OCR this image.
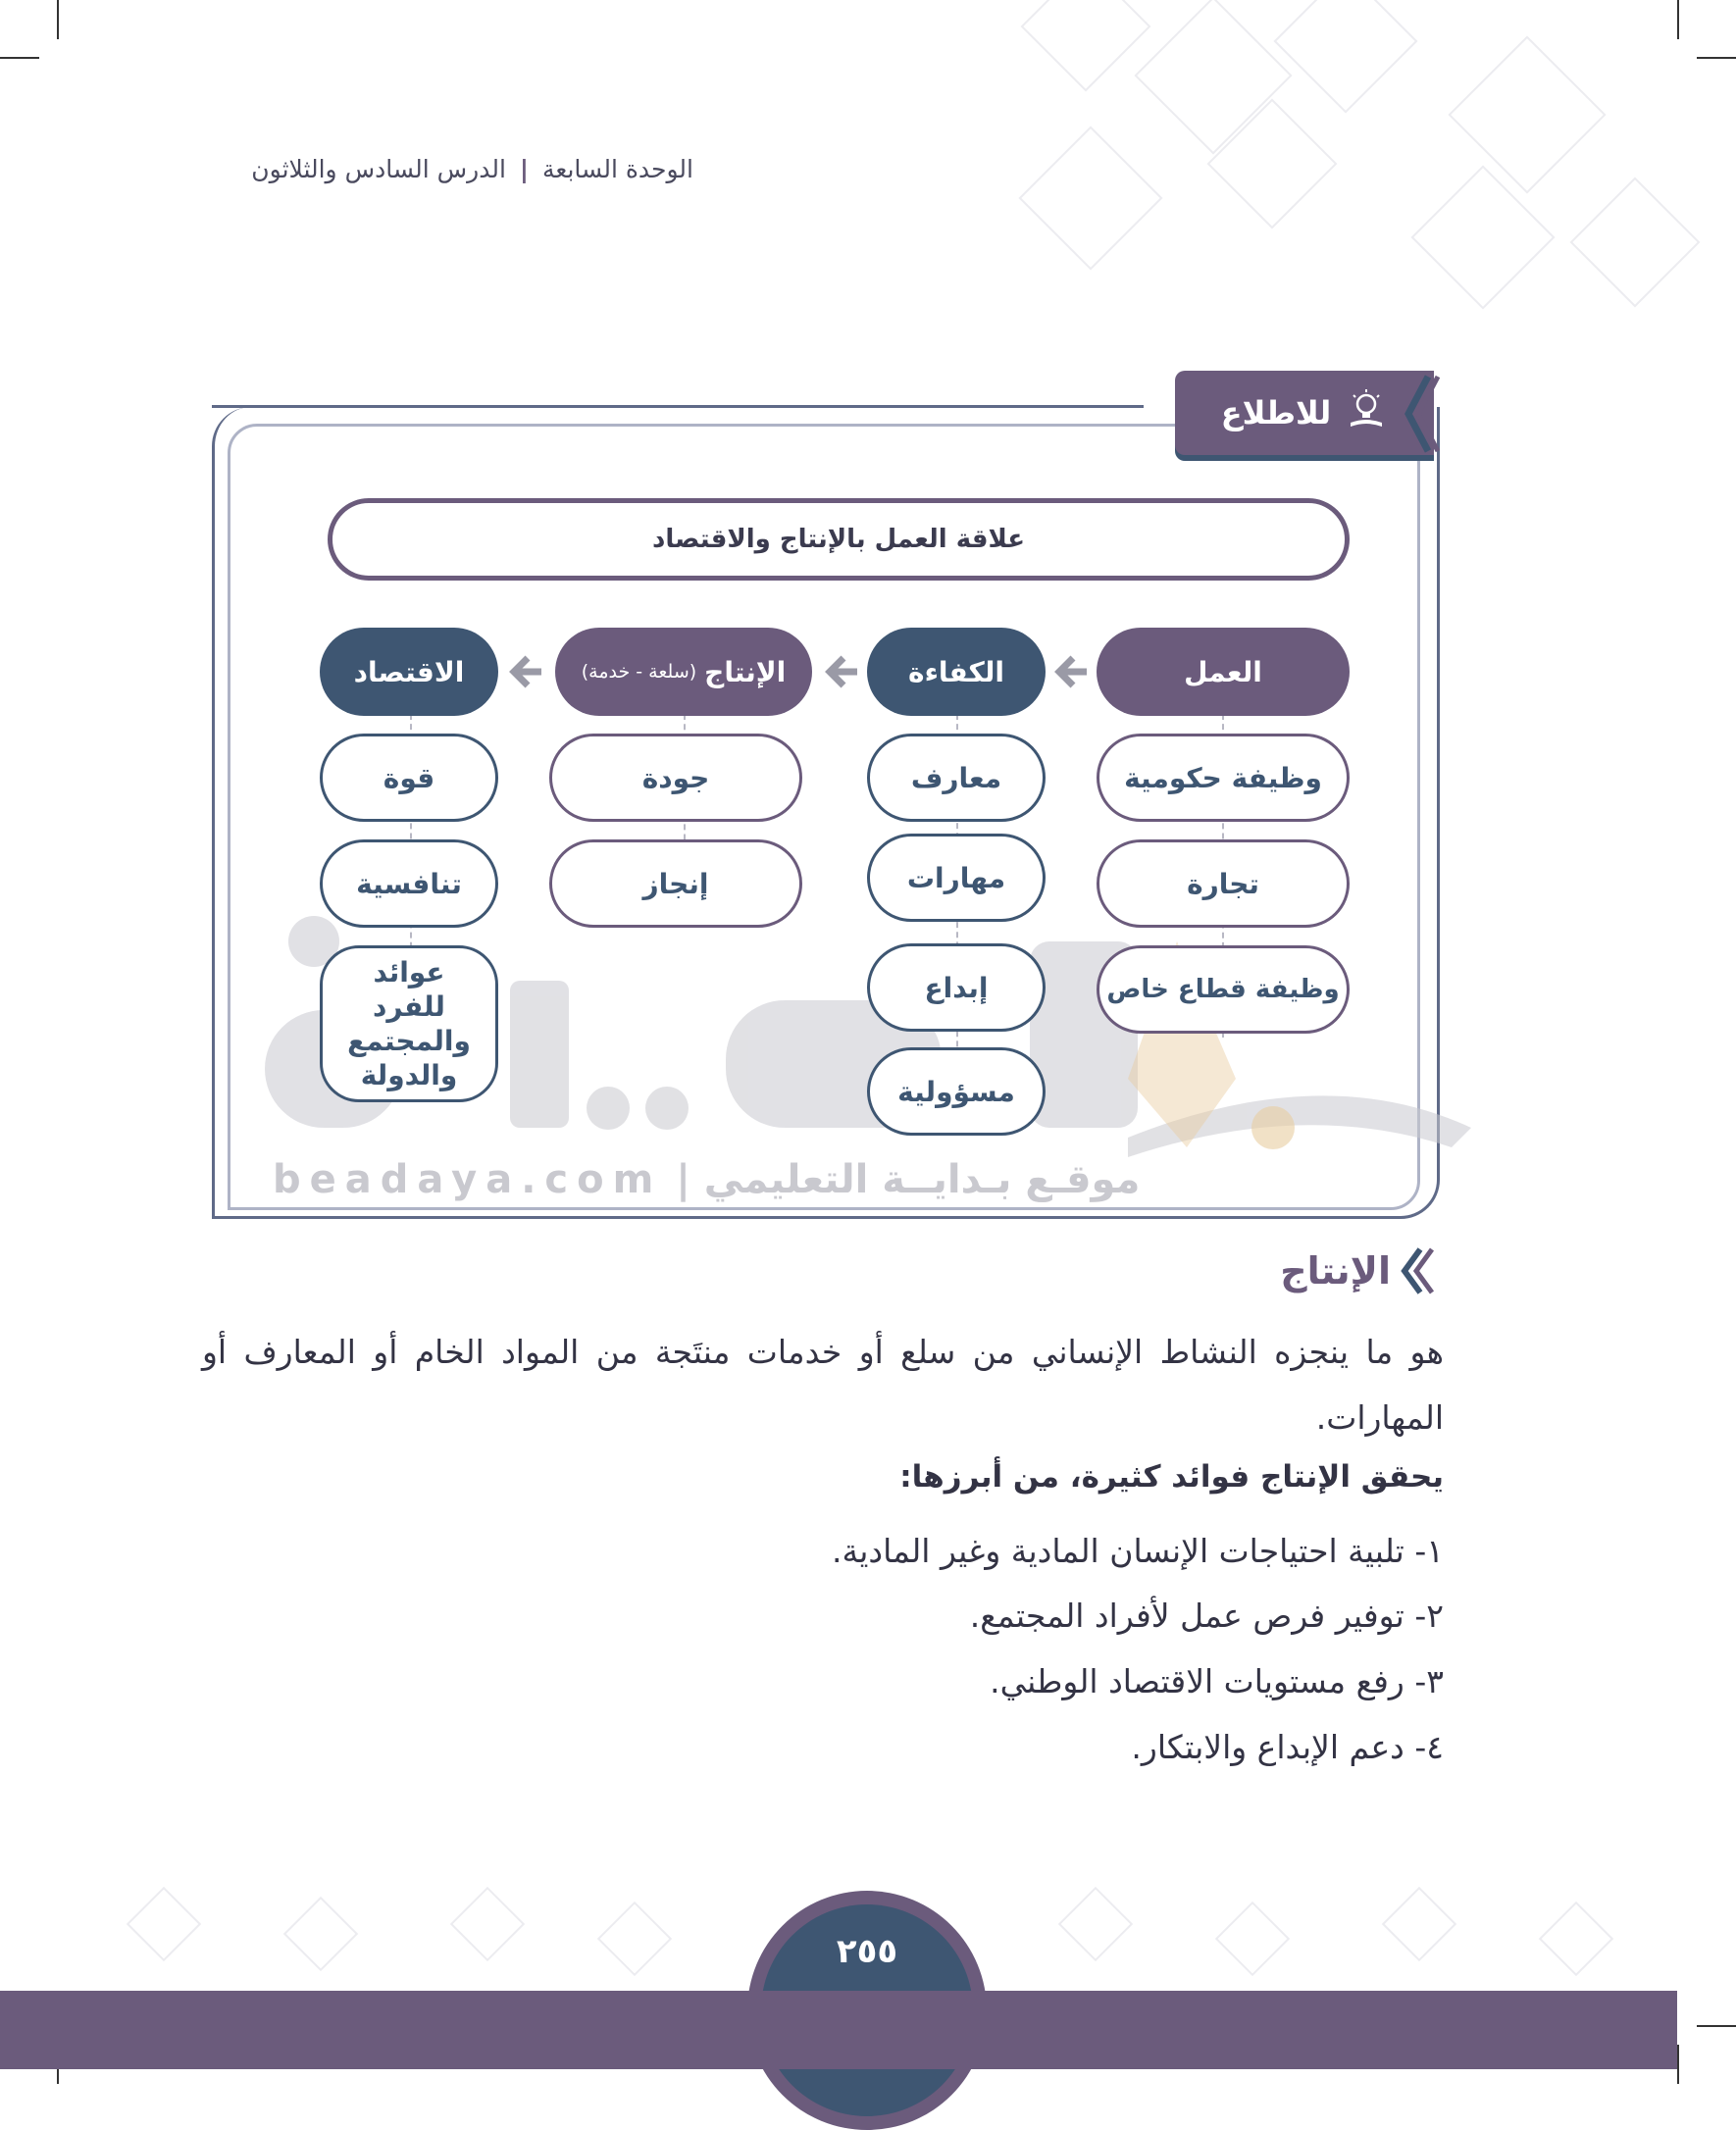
الوحدة السابعة | الدرس السادس والثلاثون
للاطلاع
موقـع بـدايــة التعليمي | beadaya.com
علاقة العمل بالإنتاج والاقتصاد
العمل
وظيفة حكومية
تجارة
وظيفة قطاع خاص
الكفاءة
معارف
مهارات
إبداع
مسؤولية
الإنتاج
(سلعة - خدمة)
جودة
إنجاز
الاقتصاد
قوة
تنافسية
عوائد للفرد والمجتمع والدولة
الإنتاج
هو ما ينجزه النشاط الإنساني من سلع أو خدمات منتَجة من المواد الخام أو المعارف أو المهارات.
يحقق الإنتاج فوائد كثيرة، من أبرزها:
١- تلبية احتياجات الإنسان المادية وغير المادية.
٢- توفير فرص عمل لأفراد المجتمع.
٣- رفع مستويات الاقتصاد الوطني.
٤- دعم الإبداع والابتكار.
٢٥٥
